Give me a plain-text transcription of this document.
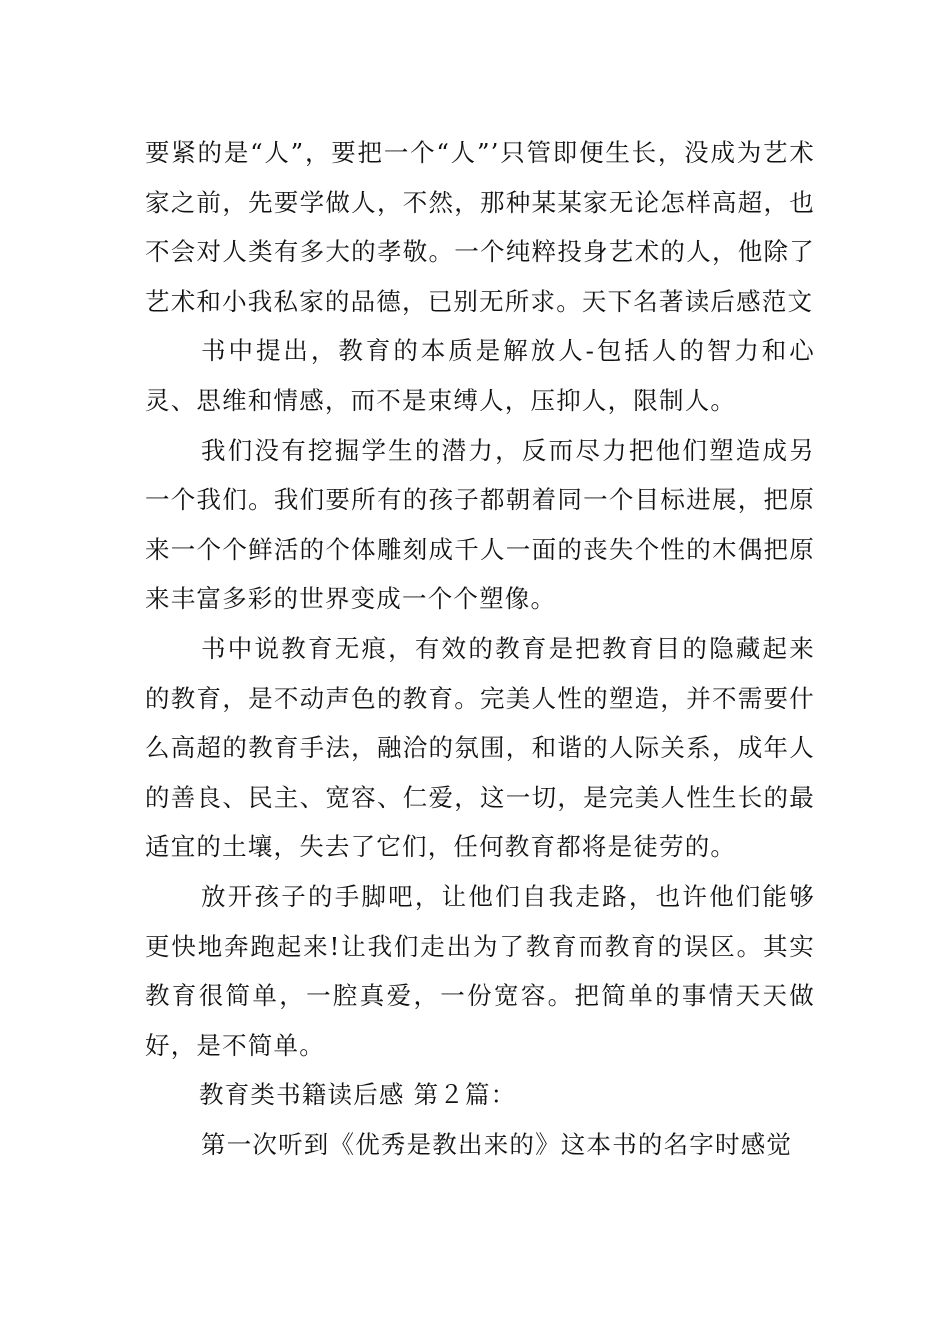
要紧的是“人”，要把一个“人”’只管即便生长，没成为艺术家之前，先要学做人，不然，那种某某家无论怎样高超，也不会对人类有多大的孝敬。一个纯粹投身艺术的人，他除了艺术和小我私家的品德，已别无所求。天下名著读后感范文

书中提出，教育的本质是解放人-包括人的智力和心灵、思维和情感，而不是束缚人，压抑人，限制人。

我们没有挖掘学生的潜力，反而尽力把他们塑造成另一个我们。我们要所有的孩子都朝着同一个目标进展，把原来一个个鲜活的个体雕刻成千人一面的丧失个性的木偶把原来丰富多彩的世界变成一个个塑像。

书中说教育无痕，有效的教育是把教育目的隐藏起来的教育，是不动声色的教育。完美人性的塑造，并不需要什么高超的教育手法，融洽的氛围，和谐的人际关系，成年人的善良、民主、宽容、仁爱，这一切，是完美人性生长的最适宜的土壤，失去了它们，任何教育都将是徒劳的。

放开孩子的手脚吧，让他们自我走路，也许他们能够更快地奔跑起来!让我们走出为了教育而教育的误区。其实教育很简单，一腔真爱，一份宽容。把简单的事情天天做好，是不简单。

教育类书籍读后感 第２篇：

第一次听到《优秀是教出来的》这本书的名字时感觉
